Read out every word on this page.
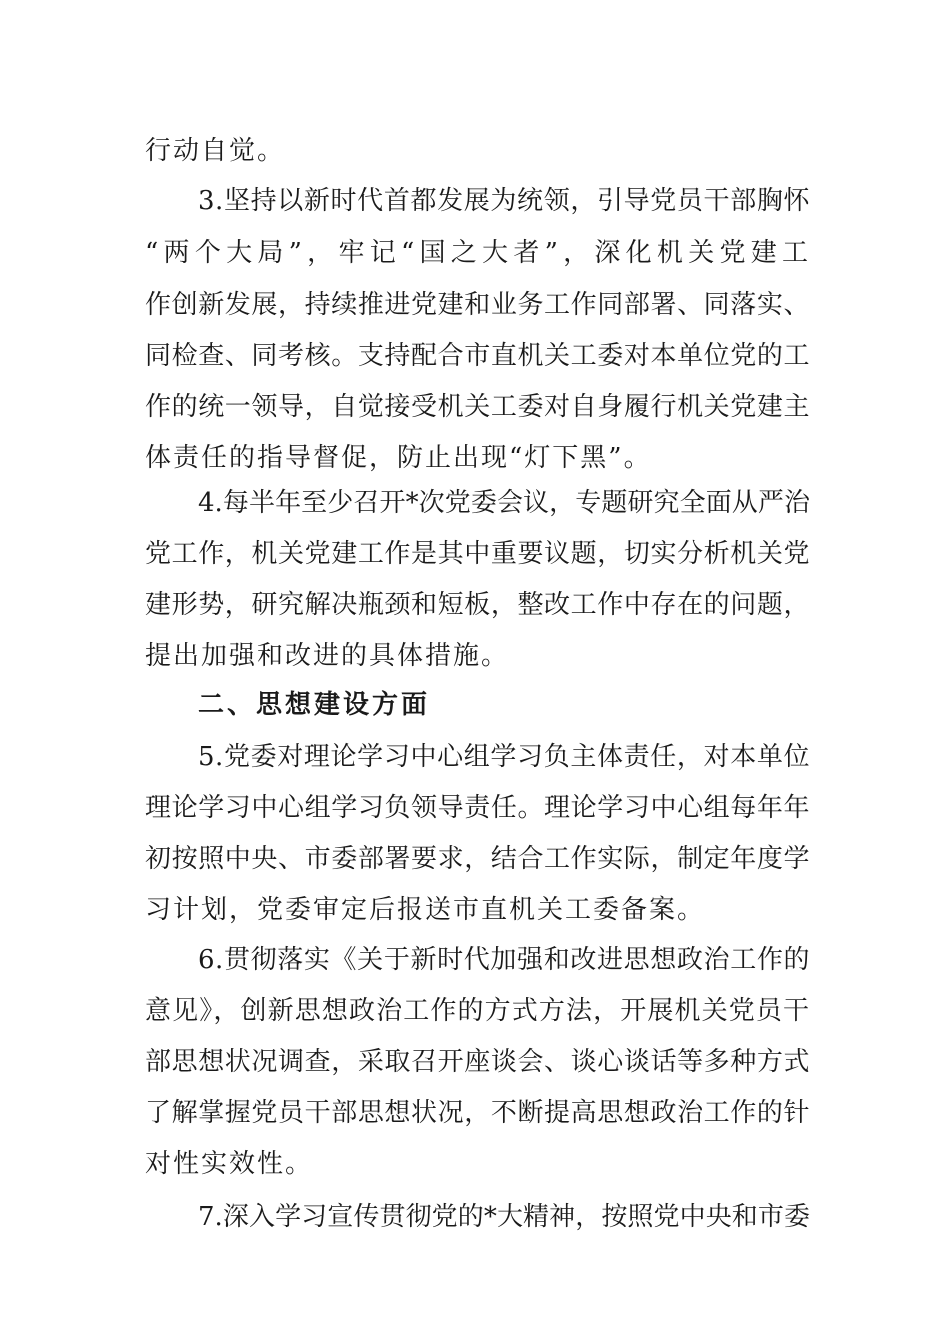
行动自觉。
3.坚持以新时代首都发展为统领，引导党员干部胸怀
“两个大局”，牢记“国之大者”，深化机关党建工
作创新发展，持续推进党建和业务工作同部署、同落实、
同检查、同考核。支持配合市直机关工委对本单位党的工
作的统一领导，自觉接受机关工委对自身履行机关党建主
体责任的指导督促，防止出现“灯下黑”。
4.每半年至少召开*次党委会议，专题研究全面从严治
党工作，机关党建工作是其中重要议题，切实分析机关党
建形势，研究解决瓶颈和短板，整改工作中存在的问题，
提出加强和改进的具体措施。
二、思想建设方面
5.党委对理论学习中心组学习负主体责任，对本单位
理论学习中心组学习负领导责任。理论学习中心组每年年
初按照中央、市委部署要求，结合工作实际，制定年度学
习计划，党委审定后报送市直机关工委备案。
6.贯彻落实《关于新时代加强和改进思想政治工作的
意见》，创新思想政治工作的方式方法，开展机关党员干
部思想状况调查，采取召开座谈会、谈心谈话等多种方式
了解掌握党员干部思想状况，不断提高思想政治工作的针
对性实效性。
7.深入学习宣传贯彻党的*大精神，按照党中央和市委
